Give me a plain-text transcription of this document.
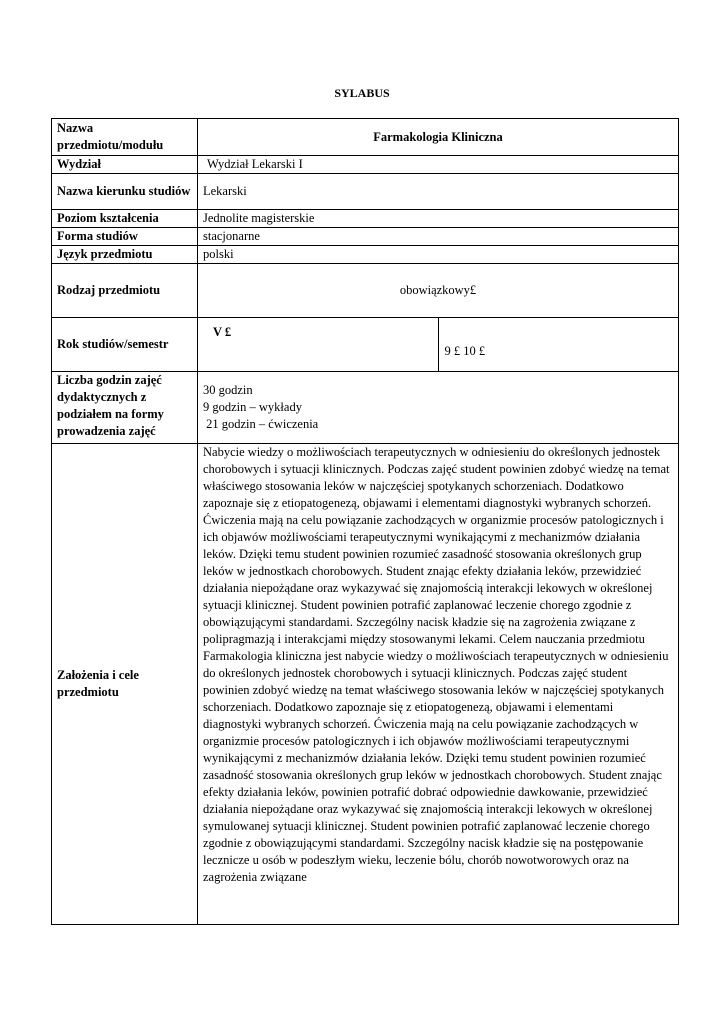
SYLABUS
Nazwa przedmiotu/modułu	Farmakologia Kliniczna	
Wydział	Wydział Lekarski I	
Nazwa kierunku studiów	Lekarski	
Poziom kształcenia	Jednolite magisterskie	
Forma studiów	stacjonarne	
Język przedmiotu	polski	
Rodzaj przedmiotu	obowiązkowy£	
Rok studiów/semestr	V £	9 £ 10 £
Liczba godzin zajęć dydaktycznych z podziałem na formy prowadzenia zajęć	30 godzin
9 godzin – wykłady
21 godzin – ćwiczenia	

Założenia i cele przedmiotu	Nabycie wiedzy o możliwościach terapeutycznych w odniesieniu do określonych jednostek chorobowych i sytuacji klinicznych. Podczas zajęć student powinien zdobyć wiedzę na temat właściwego stosowania leków w najczęściej spotykanych schorzeniach. Dodatkowo zapoznaje się z etiopatogenezą, objawami i elementami diagnostyki wybranych schorzeń. Ćwiczenia mają na celu powiązanie zachodzących w organizmie procesów patologicznych i ich objawów możliwościami terapeutycznymi wynikającymi z mechanizmów działania leków. Dzięki temu student powinien rozumieć zasadność stosowania określonych grup leków w jednostkach chorobowych. Student znając efekty działania leków, przewidzieć działania niepożądane oraz wykazywać się znajomością interakcji lekowych w określonej sytuacji klinicznej. Student powinien potrafić zaplanować leczenie chorego zgodnie z obowiązującymi standardami. Szczególny nacisk kładzie się na zagrożenia związane z polipragmazją i interakcjami między stosowanymi lekami. Celem nauczania przedmiotu Farmakologia kliniczna jest nabycie wiedzy o możliwościach terapeutycznych w odniesieniu do określonych jednostek chorobowych i sytuacji klinicznych. Podczas zajęć student powinien zdobyć wiedzę na temat właściwego stosowania leków w najczęściej spotykanych schorzeniach. Dodatkowo zapoznaje się z etiopatogenezą, objawami i elementami diagnostyki wybranych schorzeń. Ćwiczenia mają na celu powiązanie zachodzących w organizmie procesów patologicznych i ich objawów możliwościami terapeutycznymi wynikającymi z mechanizmów działania leków. Dzięki temu student powinien rozumieć zasadność stosowania określonych grup leków w jednostkach chorobowych. Student znając efekty działania leków, powinien potrafić dobrać odpowiednie dawkowanie, przewidzieć działania niepożądane oraz wykazywać się znajomością interakcji lekowych w określonej symulowanej sytuacji klinicznej. Student powinien potrafić zaplanować leczenie chorego zgodnie z obowiązującymi standardami. Szczególny nacisk kładzie się na postępowanie lecznicze u osób w podeszłym wieku, leczenie bólu, chorób nowotworowych oraz na zagrożenia związane	
